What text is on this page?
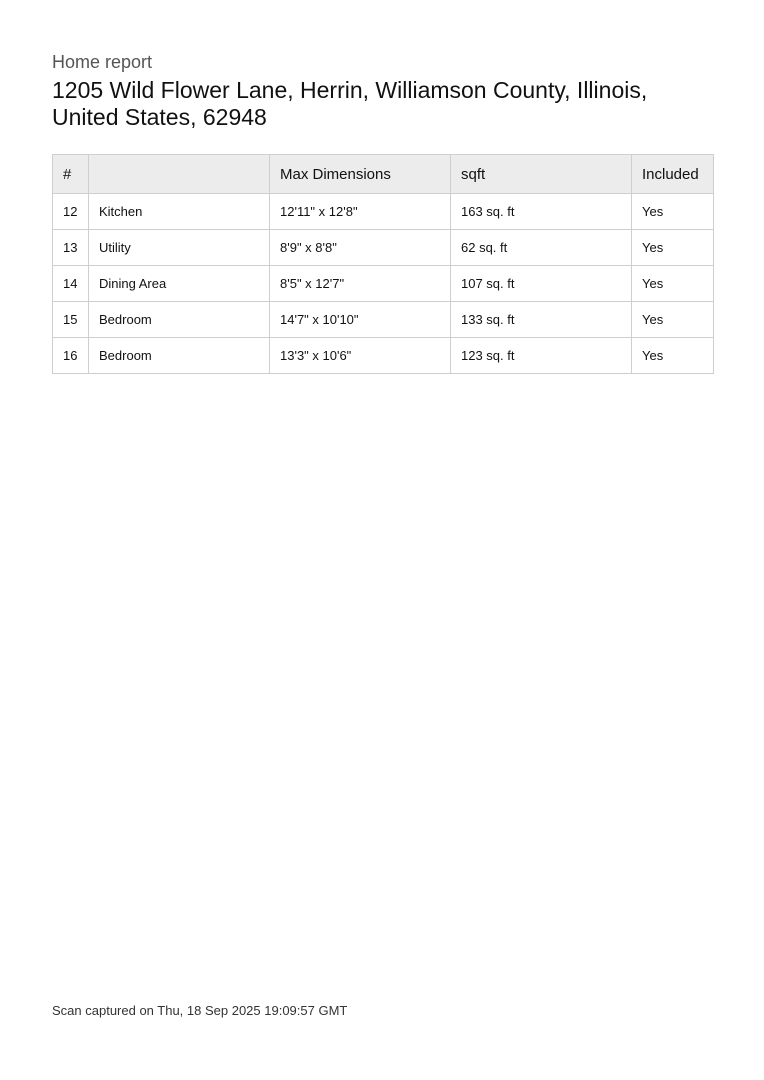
Home report
1205 Wild Flower Lane, Herrin, Williamson County, Illinois, United States, 62948
#		Max Dimensions	sqft	Included
12	Kitchen	12'11" x 12'8"	163 sq. ft	Yes
13	Utility	8'9" x 8'8"	62 sq. ft	Yes
14	Dining Area	8'5" x 12'7"	107 sq. ft	Yes
15	Bedroom	14'7" x 10'10"	133 sq. ft	Yes
16	Bedroom	13'3" x 10'6"	123 sq. ft	Yes
Scan captured on Thu, 18 Sep 2025 19:09:57 GMT
